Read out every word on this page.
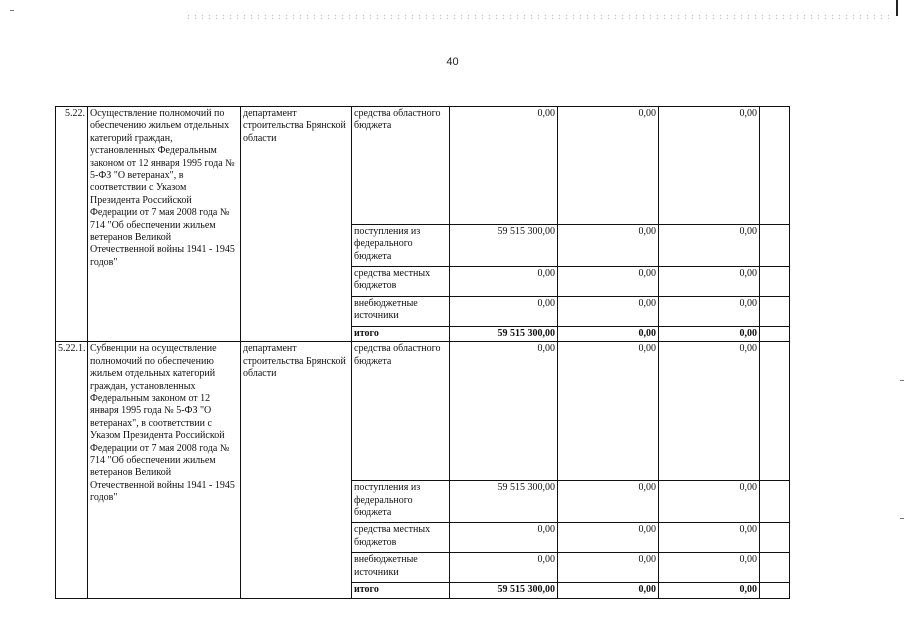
40
5.22.	Осуществление полномочий по обеспечению жильем отдельных категорий граждан, установленных Федеральным законом от 12 января 1995 года № 5-ФЗ "О ветеранах", в соответствии с Указом Президента Российской Федерации от 7 мая 2008 года № 714 "Об обеспечении жильем ветеранов Великой Отечественной войны 1941 - 1945 годов"	департамент строительства Брянской области	средства областного бюджета	0,00	0,00	0,00	
			поступления из федерального бюджета	59 515 300,00	0,00	0,00	
			средства местных бюджетов	0,00	0,00	0,00	
			внебюджетные источники	0,00	0,00	0,00	
			итого	59 515 300,00	0,00	0,00	
5.22.1.	Субвенции на осуществление полномочий по обеспечению жильем отдельных категорий граждан, установленных Федеральным законом от 12 января 1995 года № 5-ФЗ "О ветеранах", в соответствии с Указом Президента Российской Федерации от 7 мая 2008 года № 714 "Об обеспечении жильем ветеранов Великой Отечественной войны 1941 - 1945 годов"	департамент строительства Брянской области	средства областного бюджета	0,00	0,00	0,00	
			поступления из федерального бюджета	59 515 300,00	0,00	0,00	
			средства местных бюджетов	0,00	0,00	0,00	
			внебюджетные источники	0,00	0,00	0,00	
			итого	59 515 300,00	0,00	0,00	
